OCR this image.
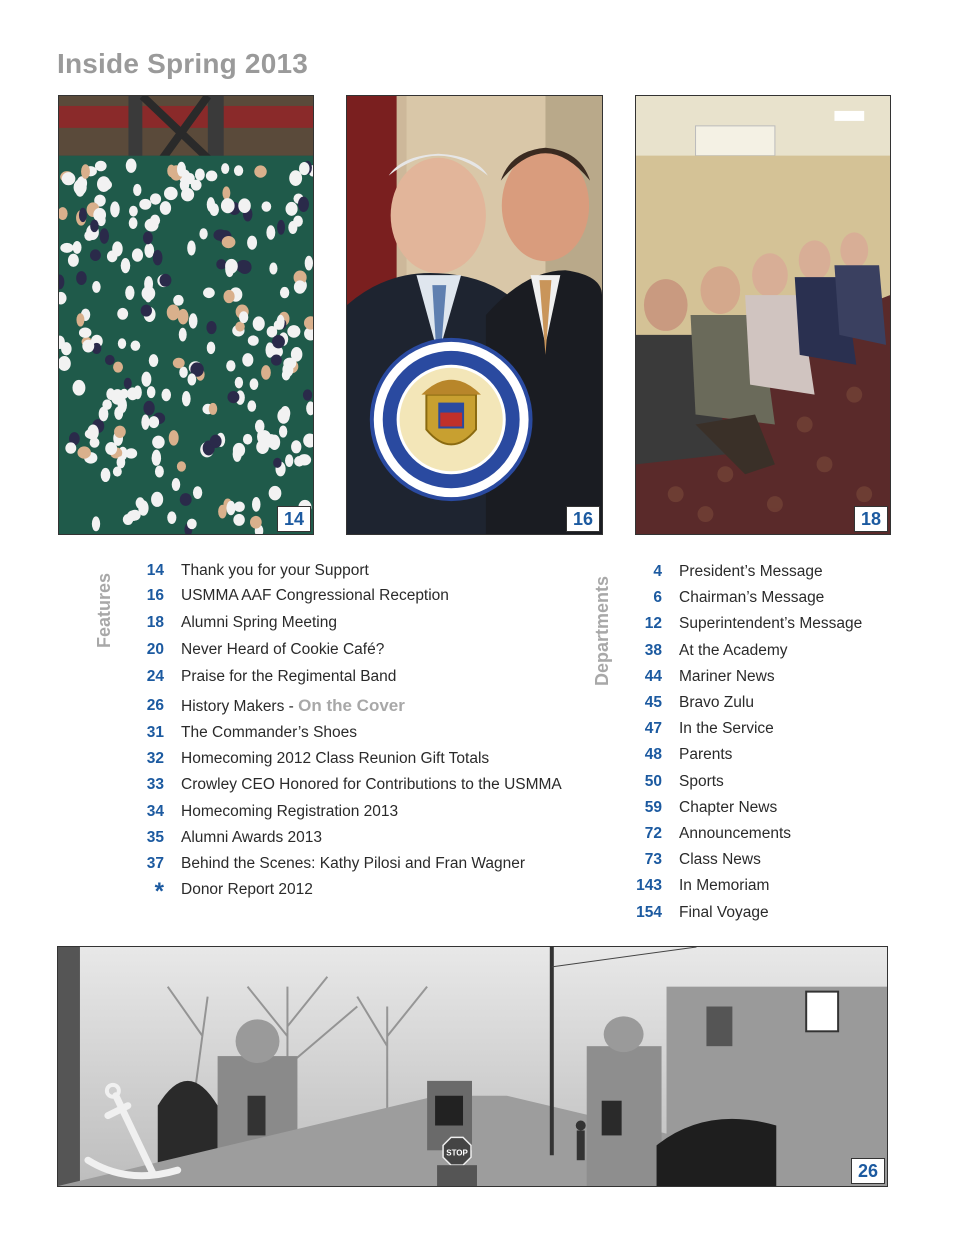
Inside Spring 2013
14	16	18
Features	Departments
14 Thank you for your Support
16 USMMA AAF Congressional Reception
18 Alumni Spring Meeting
20 Never Heard of Cookie Café?
24 Praise for the Regimental Band
26 History Makers - On the Cover
31 The Commander’s Shoes
32 Homecoming 2012 Class Reunion Gift Totals
33 Crowley CEO Honored for Contributions to the USMMA
34 Homecoming Registration 2013
35 Alumni Awards 2013
37 Behind the Scenes: Kathy Pilosi and Fran Wagner
* Donor Report 2012
4 President’s Message
6 Chairman’s Message
12 Superintendent’s Message
38 At the Academy
44 Mariner News
45 Bravo Zulu
47 In the Service
48 Parents
50 Sports
59 Chapter News
72 Announcements
73 Class News
143 In Memoriam
154 Final Voyage
STOP
26
